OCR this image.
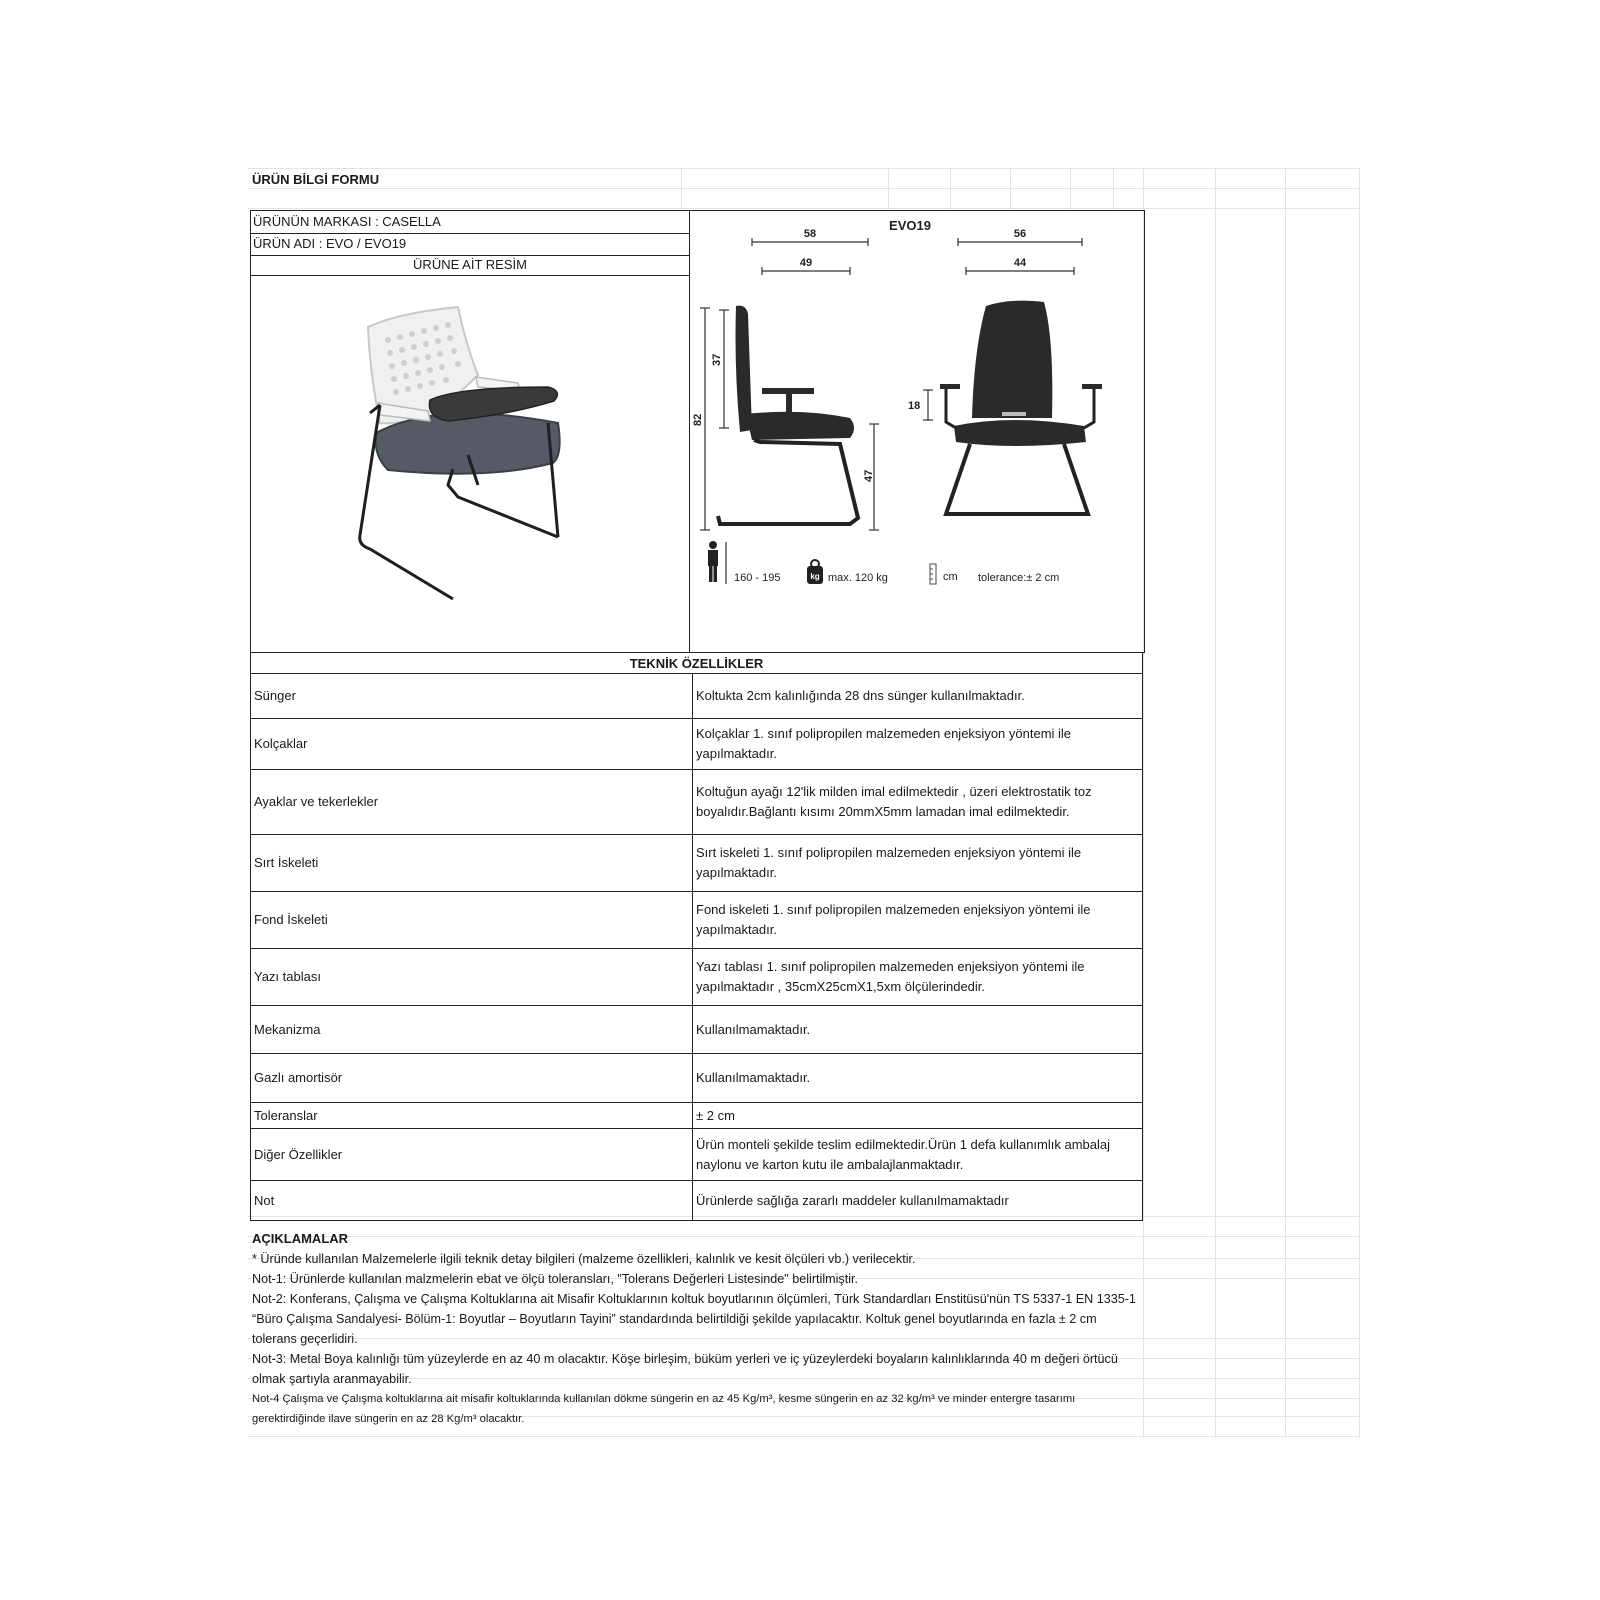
ÜRÜN BİLGİ FORMU
ÜRÜNÜN MARKASI : CASELLA
ÜRÜN ADI : EVO / EVO19
ÜRÜNE AİT RESİM
EVO19
58
49
56
44
37
82
47
18
160 - 195	kg max. 120 kg	cm tolerance:± 2 cm
TEKNİK ÖZELLİKLER	
Sünger	Koltukta 2cm kalınlığında 28 dns sünger kullanılmaktadır.
Kolçaklar	Kolçaklar 1. sınıf polipropilen malzemeden enjeksiyon yöntemi ile yapılmaktadır.
Ayaklar ve tekerlekler	Koltuğun ayağı 12'lik milden imal edilmektedir , üzeri elektrostatik toz boyalıdır.Bağlantı kısımı 20mmX5mm lamadan imal edilmektedir.
Sırt İskeleti	Sırt iskeleti 1. sınıf polipropilen malzemeden enjeksiyon yöntemi ile yapılmaktadır.
Fond İskeleti	Fond iskeleti 1. sınıf polipropilen malzemeden enjeksiyon yöntemi ile yapılmaktadır.
Yazı tablası	Yazı tablası 1. sınıf polipropilen malzemeden enjeksiyon yöntemi ile yapılmaktadır , 35cmX25cmX1,5xm ölçülerindedir.
Mekanizma	Kullanılmamaktadır.
Gazlı amortisör	Kullanılmamaktadır.
Toleranslar	± 2 cm
Diğer Özellikler	Ürün monteli şekilde teslim edilmektedir.Ürün 1 defa kullanımlık ambalaj naylonu ve karton kutu ile ambalajlanmaktadır.
Not	Ürünlerde sağlığa zararlı maddeler kullanılmamaktadır

AÇIKLAMALAR

* Üründe kullanılan Malzemelerle ilgili teknik detay bilgileri (malzeme özellikleri, kalınlık ve kesit ölçüleri vb.) verilecektir.

Not-1: Ürünlerde kullanılan malzmelerin ebat ve ölçü toleransları, "Tolerans Değerleri Listesinde" belirtilmiştir.

Not-2: Konferans, Çalışma ve Çalışma Koltuklarına ait Misafir Koltuklarının koltuk boyutlarının ölçümleri, Türk Standardları Enstitüsü'nün TS 5337-1 EN 1335-1 “Büro Çalışma Sandalyesi- Bölüm-1: Boyutlar – Boyutların Tayini” standardında belirtildiği şekilde yapılacaktır. Koltuk genel boyutlarında en fazla ± 2 cm tolerans geçerlidiri.

Not-3: Metal Boya kalınlığı tüm yüzeylerde en az 40 m olacaktır. Köşe birleşim, büküm yerleri ve iç yüzeylerdeki boyaların kalınlıklarında 40 m değeri örtücü olmak şartıyla aranmayabilir.

Not-4 Çalışma ve Çalışma koltuklarına ait misafir koltuklarında kullanılan dökme süngerin en az 45 Kg/m³, kesme süngerin en az 32 kg/m³ ve minder entergre tasarımı gerektirdiğinde ilave süngerin en az 28 Kg/m³ olacaktır.
